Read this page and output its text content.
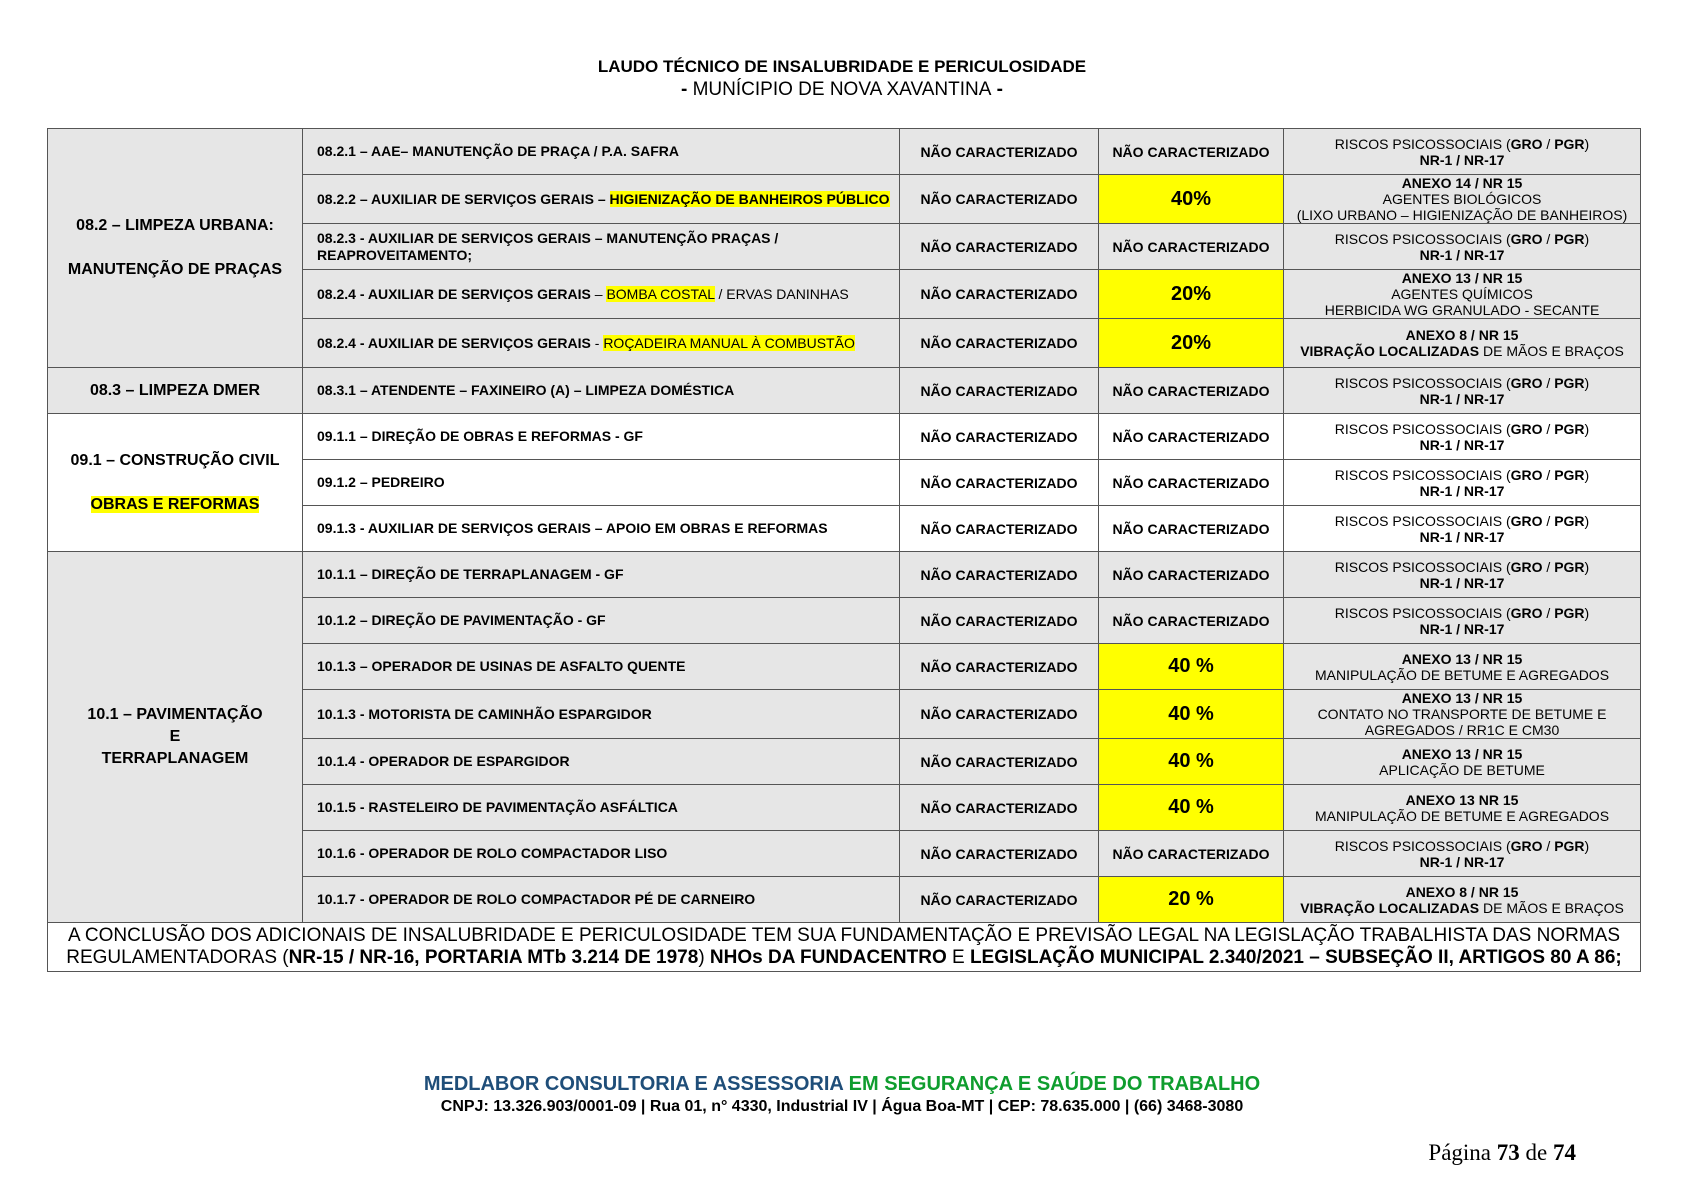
LAUDO TÉCNICO DE INSALUBRIDADE E PERICULOSIDADE
- MUNÍCIPIO DE NOVA XAVANTINA -
08.2 – LIMPEZA URBANA:

MANUTENÇÃO DE PRAÇAS	08.2.1 – AAE– MANUTENÇÃO DE PRAÇA / P.A. SAFRA	NÃO CARACTERIZADO	NÃO CARACTERIZADO	RISCOS PSICOSSOCIAIS (GRO / PGR)
NR-1 / NR-17
	08.2.2 – AUXILIAR DE SERVIÇOS GERAIS – HIGIENIZAÇÃO DE BANHEIROS PÚBLICO	NÃO CARACTERIZADO	40%	ANEXO 14 / NR 15
AGENTES BIOLÓGICOS
(LIXO URBANO – HIGIENIZAÇÃO DE BANHEIROS)
	08.2.3 - AUXILIAR DE SERVIÇOS GERAIS – MANUTENÇÃO PRAÇAS / REAPROVEITAMENTO;	NÃO CARACTERIZADO	NÃO CARACTERIZADO	RISCOS PSICOSSOCIAIS (GRO / PGR)
NR-1 / NR-17
	08.2.4 - AUXILIAR DE SERVIÇOS GERAIS – BOMBA COSTAL / ERVAS DANINHAS	NÃO CARACTERIZADO	20%	ANEXO 13 / NR 15
AGENTES QUÍMICOS
HERBICIDA WG GRANULADO - SECANTE
	08.2.4 - AUXILIAR DE SERVIÇOS GERAIS - ROÇADEIRA MANUAL À COMBUSTÃO	NÃO CARACTERIZADO	20%	ANEXO 8 / NR 15
VIBRAÇÃO LOCALIZADAS DE MÃOS E BRAÇOS
08.3 – LIMPEZA DMER	08.3.1 – ATENDENTE – FAXINEIRO (A) – LIMPEZA DOMÉSTICA	NÃO CARACTERIZADO	NÃO CARACTERIZADO	RISCOS PSICOSSOCIAIS (GRO / PGR)
NR-1 / NR-17

09.1 – CONSTRUÇÃO CIVIL

OBRAS E REFORMAS	09.1.1 – DIREÇÃO DE OBRAS E REFORMAS - GF	NÃO CARACTERIZADO	NÃO CARACTERIZADO	RISCOS PSICOSSOCIAIS (GRO / PGR)
NR-1 / NR-17
	09.1.2 – PEDREIRO	NÃO CARACTERIZADO	NÃO CARACTERIZADO	RISCOS PSICOSSOCIAIS (GRO / PGR)
NR-1 / NR-17
	09.1.3 - AUXILIAR DE SERVIÇOS GERAIS – APOIO EM OBRAS E REFORMAS	NÃO CARACTERIZADO	NÃO CARACTERIZADO	RISCOS PSICOSSOCIAIS (GRO / PGR)
NR-1 / NR-17

10.1 – PAVIMENTAÇÃO
E
TERRAPLANAGEM	10.1.1 – DIREÇÃO DE TERRAPLANAGEM - GF	NÃO CARACTERIZADO	NÃO CARACTERIZADO	RISCOS PSICOSSOCIAIS (GRO / PGR)
NR-1 / NR-17
	10.1.2 – DIREÇÃO DE PAVIMENTAÇÃO - GF	NÃO CARACTERIZADO	NÃO CARACTERIZADO	RISCOS PSICOSSOCIAIS (GRO / PGR)
NR-1 / NR-17
	10.1.3 – OPERADOR DE USINAS DE ASFALTO QUENTE	NÃO CARACTERIZADO	40 %	ANEXO 13 / NR 15
MANIPULAÇÃO DE BETUME E AGREGADOS
	10.1.3 - MOTORISTA DE CAMINHÃO ESPARGIDOR	NÃO CARACTERIZADO	40 %	ANEXO 13 / NR 15
CONTATO NO TRANSPORTE DE BETUME E
AGREGADOS / RR1C E CM30
	10.1.4 - OPERADOR DE ESPARGIDOR	NÃO CARACTERIZADO	40 %	ANEXO 13 / NR 15
APLICAÇÃO DE BETUME
	10.1.5 - RASTELEIRO DE PAVIMENTAÇÃO ASFÁLTICA	NÃO CARACTERIZADO	40 %	ANEXO 13 NR 15
MANIPULAÇÃO DE BETUME E AGREGADOS
	10.1.6 - OPERADOR DE ROLO COMPACTADOR LISO	NÃO CARACTERIZADO	NÃO CARACTERIZADO	RISCOS PSICOSSOCIAIS (GRO / PGR)
NR-1 / NR-17
	10.1.7 - OPERADOR DE ROLO COMPACTADOR PÉ DE CARNEIRO	NÃO CARACTERIZADO	20 %	ANEXO 8 / NR 15
VIBRAÇÃO LOCALIZADAS DE MÃOS E BRAÇOS
A CONCLUSÃO DOS ADICIONAIS DE INSALUBRIDADE E PERICULOSIDADE TEM SUA FUNDAMENTAÇÃO E PREVISÃO LEGAL NA LEGISLAÇÃO TRABALHISTA DAS NORMAS
REGULAMENTADORAS (NR-15 / NR-16, PORTARIA MTb 3.214 DE 1978) NHOs DA FUNDACENTRO E LEGISLAÇÃO MUNICIPAL 2.340/2021 – SUBSEÇÃO II, ARTIGOS 80 A 86;				
MEDLABOR CONSULTORIA E ASSESSORIA EM SEGURANÇA E SAÚDE DO TRABALHO
CNPJ: 13.326.903/0001-09 | Rua 01, n° 4330, Industrial IV | Água Boa-MT | CEP: 78.635.000 | (66) 3468-3080
Página 73 de 74
